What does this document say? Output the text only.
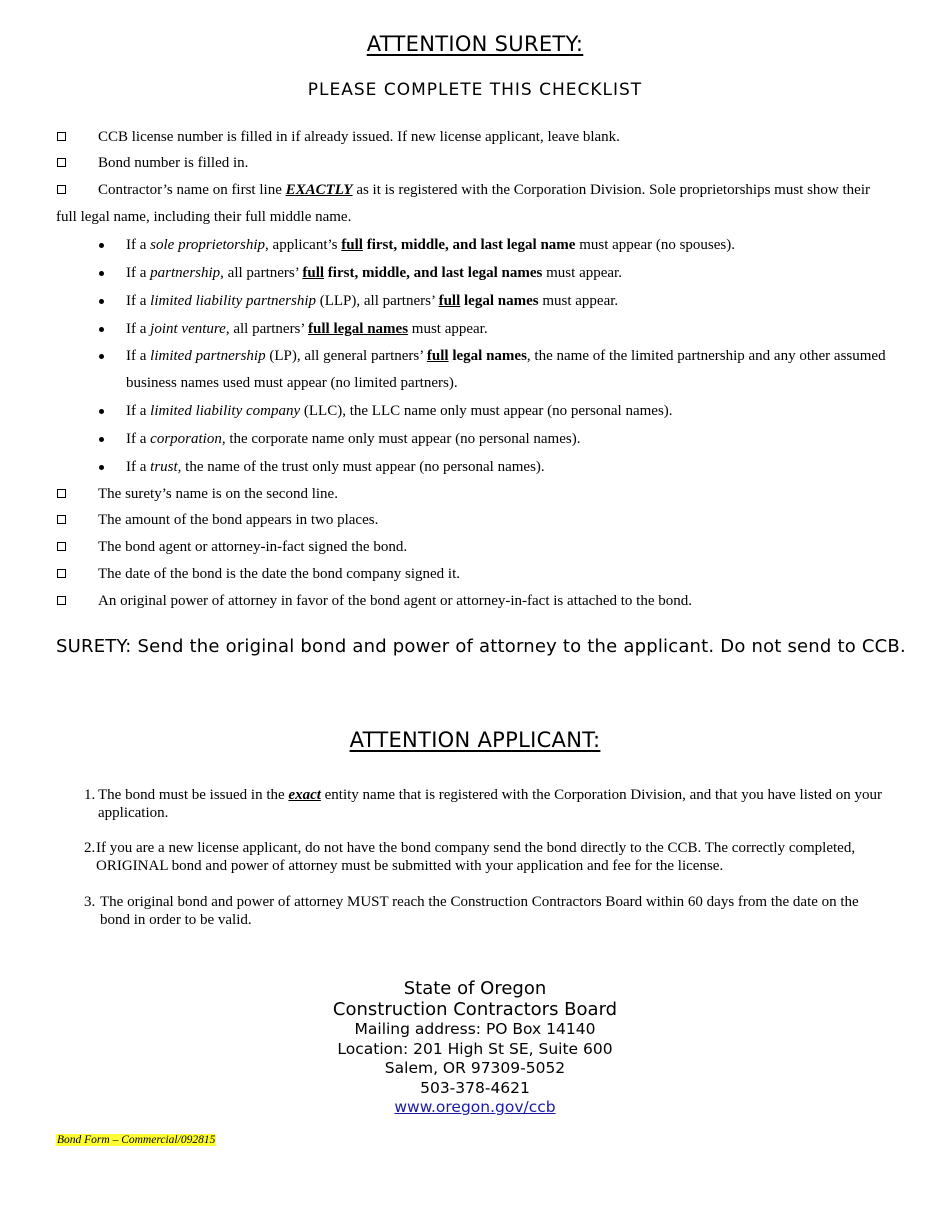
ATTENTION SURETY:
PLEASE COMPLETE THIS CHECKLIST
CCB license number is filled in if already issued. If new license applicant, leave blank.
Bond number is filled in.
Contractor’s name on first line EXACTLY as it is registered with the Corporation Division. Sole proprietorships must show their full legal name, including their full middle name.
If a sole proprietorship, applicant’s full first, middle, and last legal name must appear (no spouses).
If a partnership, all partners’ full first, middle, and last legal names must appear.
If a limited liability partnership (LLP), all partners’ full legal names must appear.
If a joint venture, all partners’ full legal names must appear.
If a limited partnership (LP), all general partners’ full legal names, the name of the limited partnership and any other assumed business names used must appear (no limited partners).
If a limited liability company (LLC), the LLC name only must appear (no personal names).
If a corporation, the corporate name only must appear (no personal names).
If a trust, the name of the trust only must appear (no personal names).
The surety’s name is on the second line.
The amount of the bond appears in two places.
The bond agent or attorney-in-fact signed the bond.
The date of the bond is the date the bond company signed it.
An original power of attorney in favor of the bond agent or attorney-in-fact is attached to the bond.
SURETY: Send the original bond and power of attorney to the applicant. Do not send to CCB.
ATTENTION APPLICANT:
1. The bond must be issued in the exact entity name that is registered with the Corporation Division, and that you have listed on your application.
2. If you are a new license applicant, do not have the bond company send the bond directly to the CCB. The correctly completed, ORIGINAL bond and power of attorney must be submitted with your application and fee for the license.
3. The original bond and power of attorney MUST reach the Construction Contractors Board within 60 days from the date on the bond in order to be valid.
State of Oregon
Construction Contractors Board
Mailing address: PO Box 14140
Location: 201 High St SE, Suite 600
Salem, OR 97309-5052
503-378-4621
www.oregon.gov/ccb
Bond Form – Commercial/092815
